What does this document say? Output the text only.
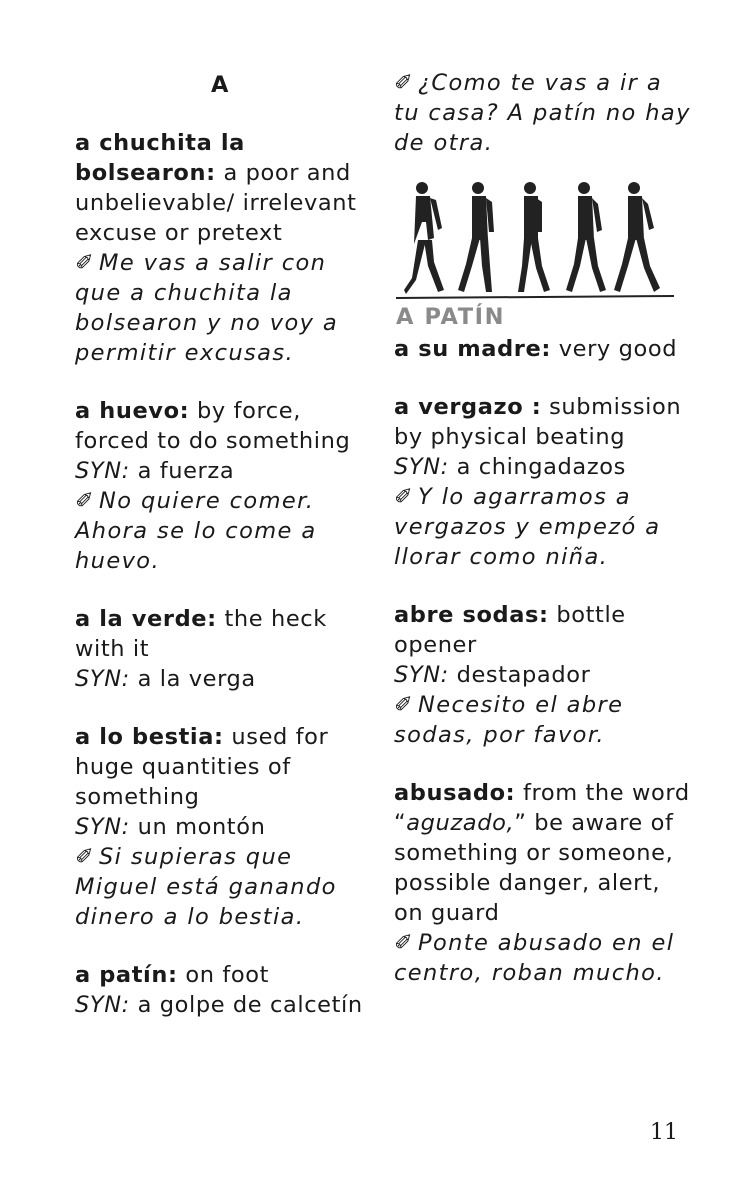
A
a chuchita la bolsearon: a poor and unbelievable/ irrelevant excuse or pretext
✐ Me vas a salir con que a chuchita la bolsearon y no voy a permitir excusas.
a huevo: by force, forced to do something
SYN: a fuerza
✐ No quiere comer. Ahora se lo come a huevo.
a la verde: the heck with it
SYN: a la verga
a lo bestia: used for huge quantities of something
SYN: un montón
✐ Si supieras que Miguel está ganando dinero a lo bestia.
a patín: on foot
SYN: a golpe de calcetín
✐ ¿Como te vas a ir a tu casa? A patín no hay de otra.
A PATÍN
a su madre: very good
a vergazo : submission by physical beating
SYN: a chingadazos
✐ Y lo agarramos a vergazos y empezó a llorar como niña.
abre sodas: bottle opener
SYN: destapador
✐ Necesito el abre sodas, por favor.
abusado: from the word “aguzado,” be aware of something or someone, possible danger, alert, on guard
✐ Ponte abusado en el centro, roban mucho.
11
